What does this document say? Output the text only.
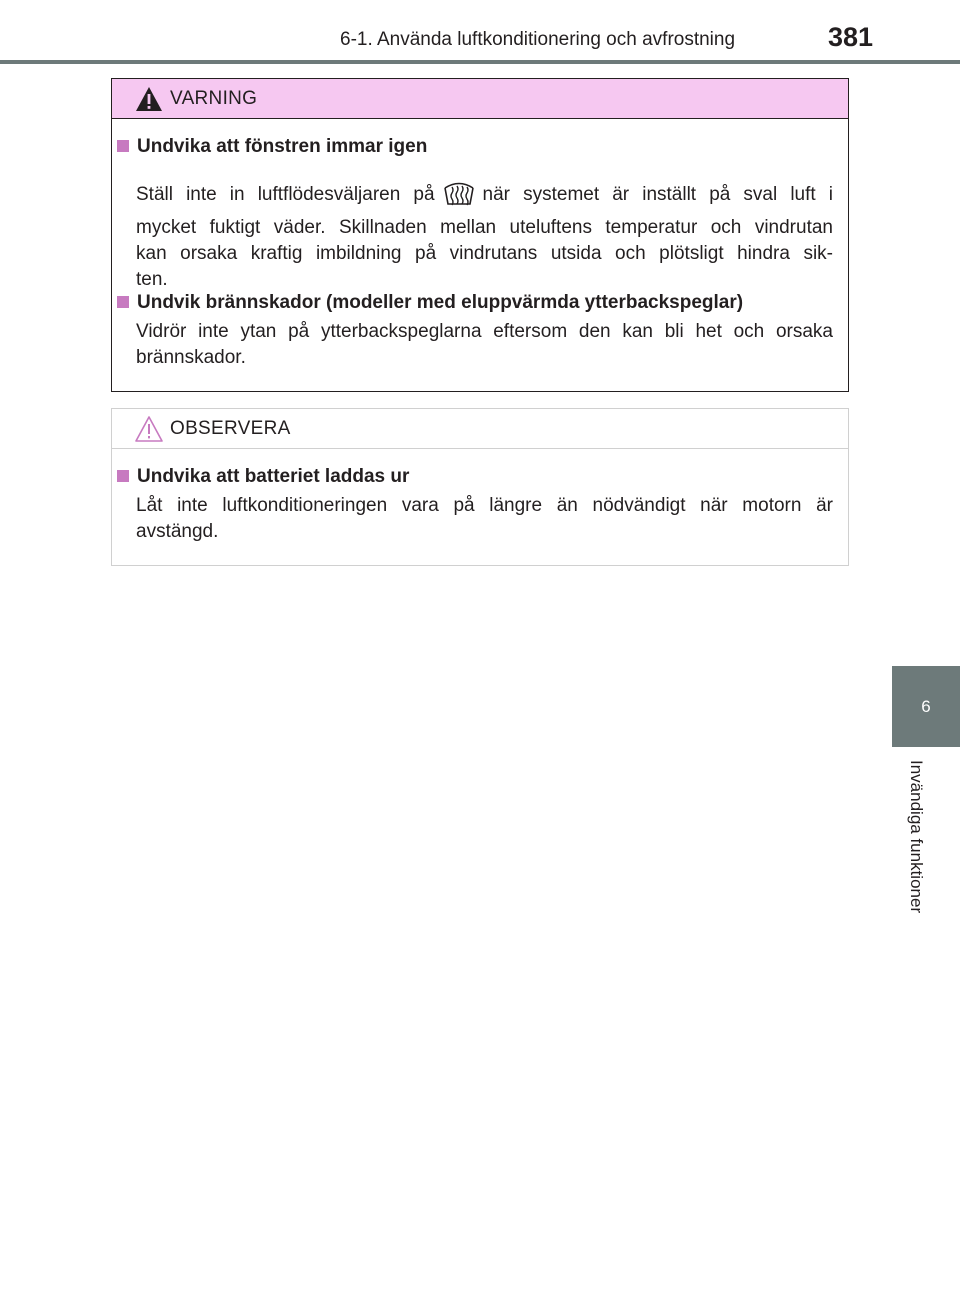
6-1. Använda luftkonditionering och avfrostning	381
6
Invändiga funktioner
VARNING
Undvika att fönstren immar igen
Ställ inte in luftflödesväljaren på	när systemet är inställt på sval luft i
mycket fuktigt väder. Skillnaden mellan uteluftens temperatur och vindrutan
kan orsaka kraftig imbildning på vindrutans utsida och plötsligt hindra sik-
ten.
Undvik brännskador (modeller med eluppvärmda ytterbackspeglar)
Vidrör inte ytan på ytterbackspeglarna eftersom den kan bli het och orsaka
brännskador.
OBSERVERA
Undvika att batteriet laddas ur
Låt inte luftkonditioneringen vara på längre än nödvändigt när motorn är
avstängd.
